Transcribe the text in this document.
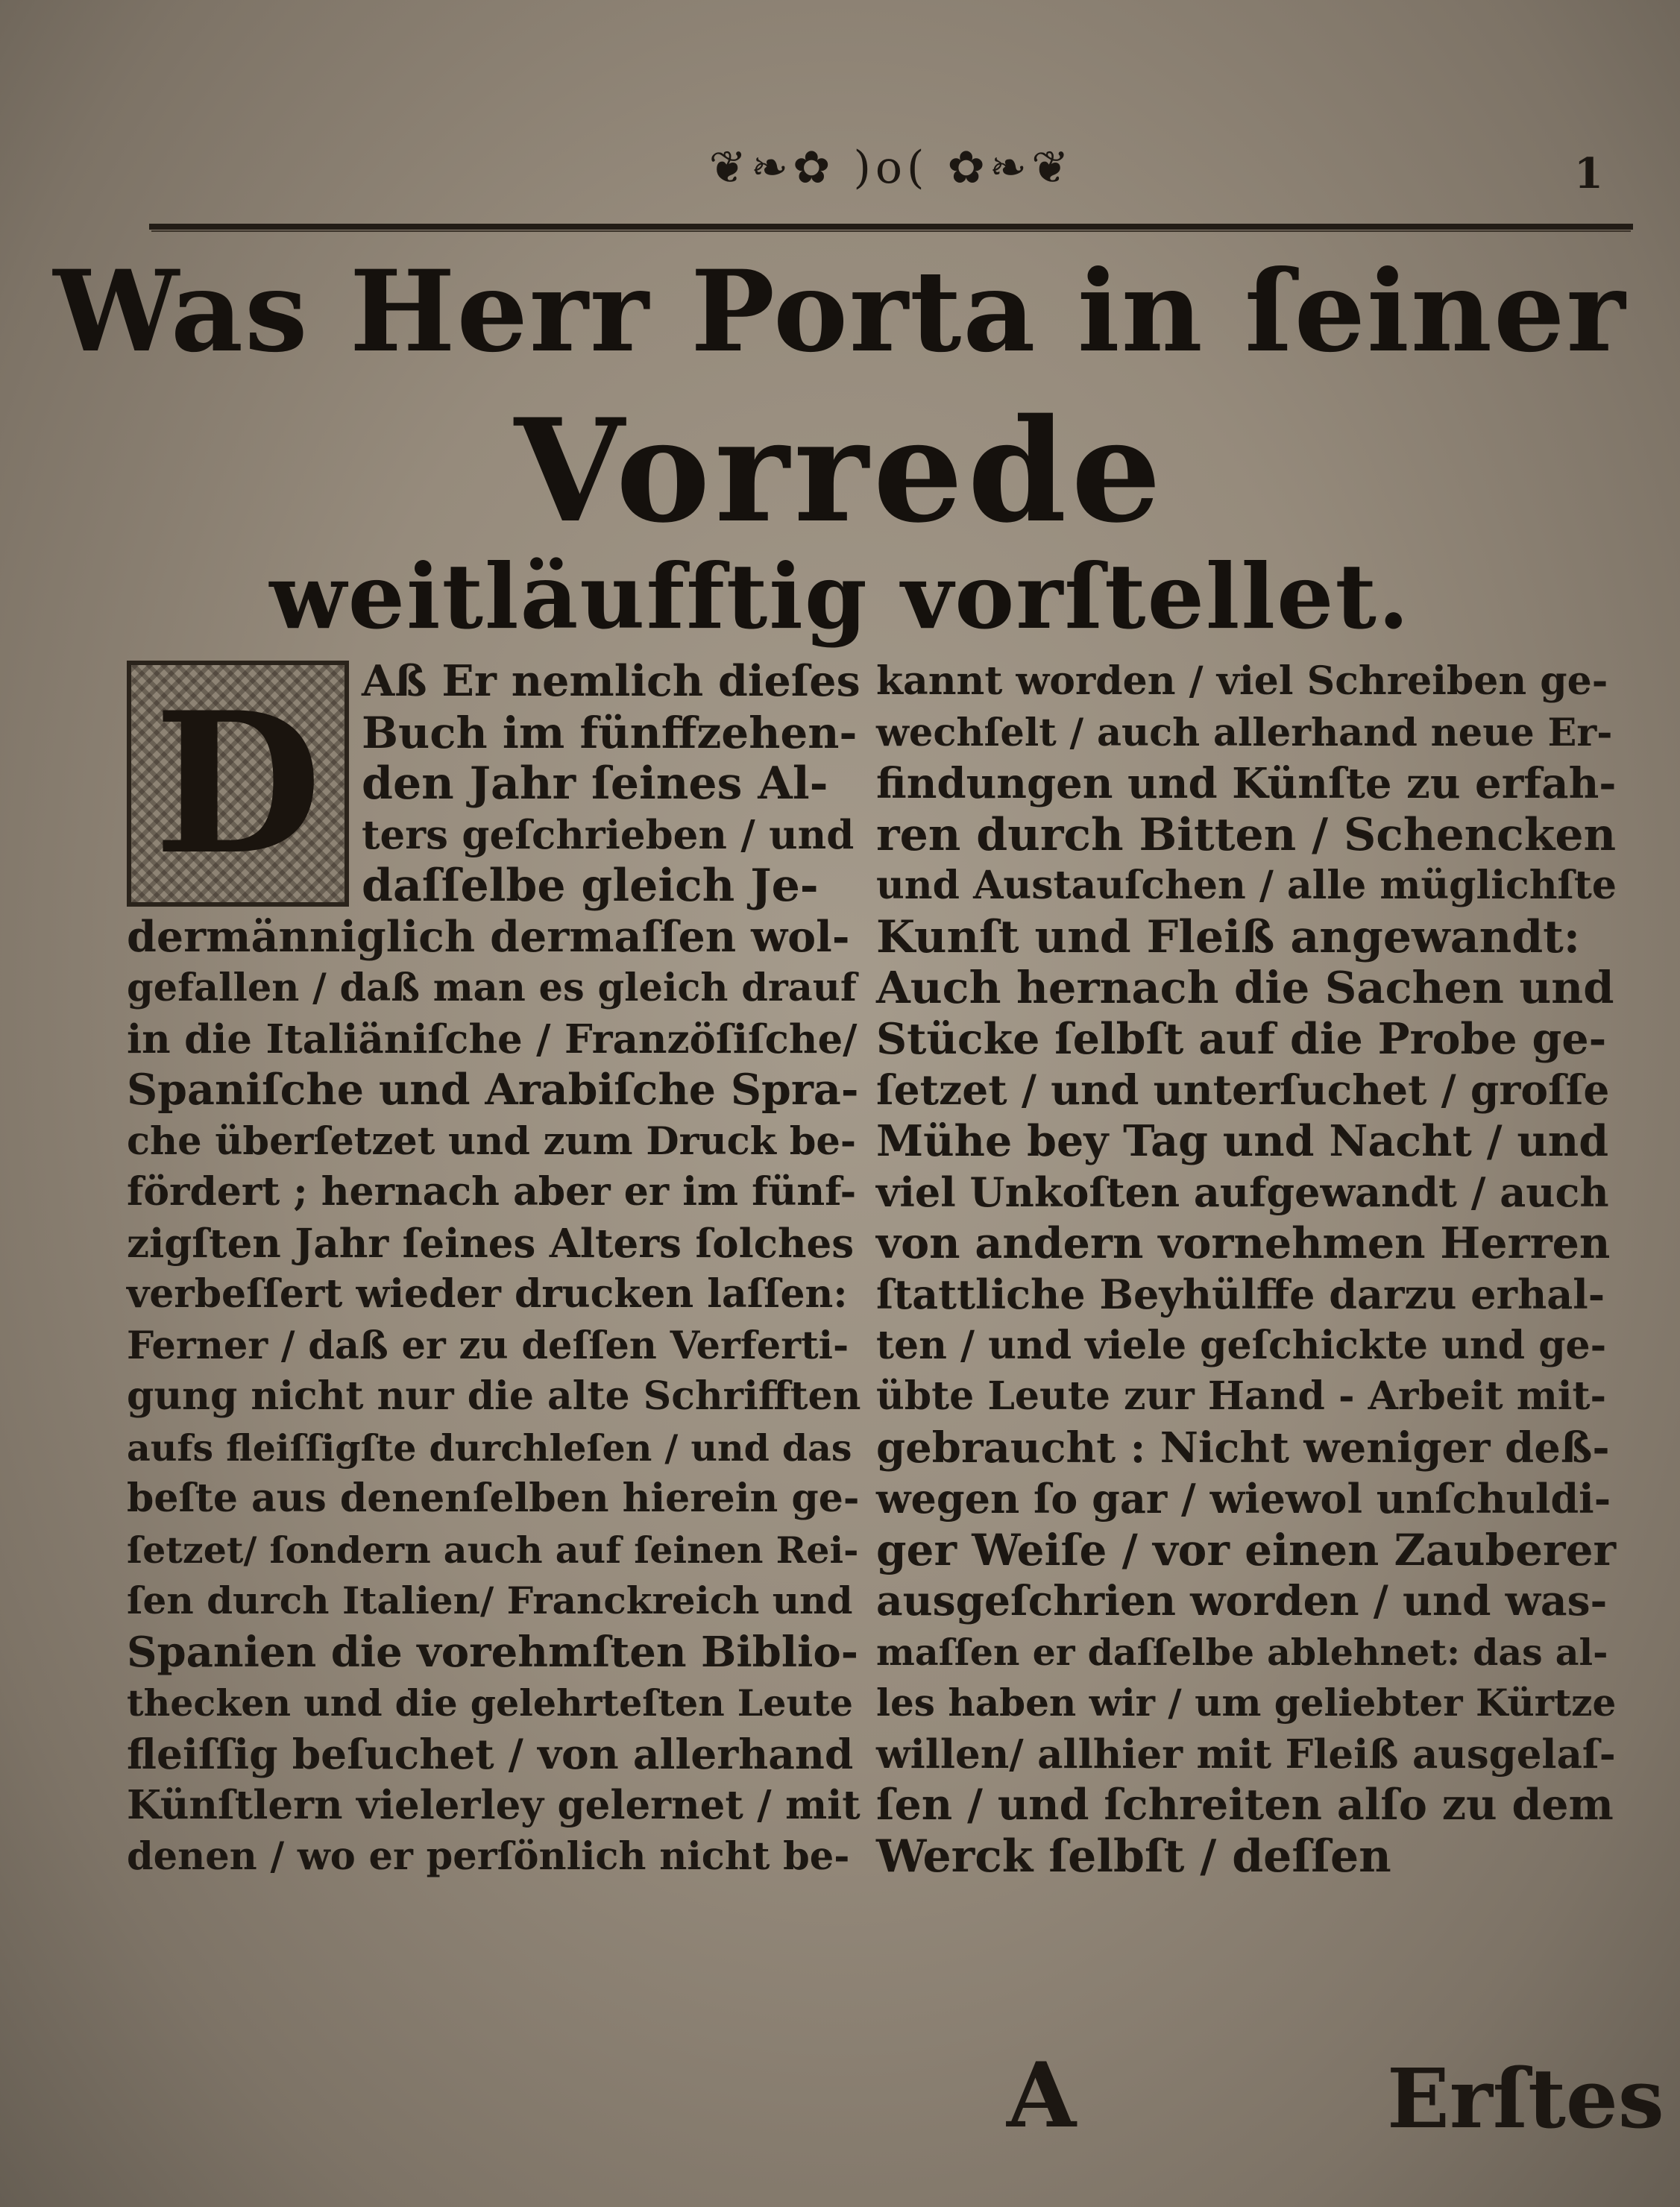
❦❧✿ )o( ✿❧❦	1
Was Herr Porta in ſeiner
Vorrede
weitläufftig vorſtellet.
D Aß Er nemlich dieſes
Buch im fünffzehen-
den Jahr ſeines Al-
ters geſchrieben / und
daſſelbe gleich Je-
dermänniglich dermaſſen wol-
gefallen / daß man es gleich drauf
in die Italiäniſche / Franzöſiſche/
Spaniſche und Arabiſche Spra-
che überſetzet und zum Druck be-
fördert ; hernach aber er im fünf-
zigſten Jahr ſeines Alters ſolches
verbeſſert wieder drucken laſſen:
Ferner / daß er zu deſſen Verferti-
gung nicht nur die alte Schrifften
aufs fleiſſigſte durchleſen / und das
beſte aus denenſelben hierein ge-
ſetzet/ ſondern auch auf ſeinen Rei-
ſen durch Italien/ Franckreich und
Spanien die vorehmſten Biblio-
thecken und die gelehrteſten Leute
fleiſſig beſuchet / von allerhand
Künſtlern vielerley gelernet / mit
denen / wo er perſönlich nicht be-
kannt worden / viel Schreiben ge-
wechſelt / auch allerhand neue Er-
findungen und Künſte zu erfah-
ren durch Bitten / Schencken
und Austauſchen / alle müglichſte
Kunſt und Fleiß angewandt:
Auch hernach die Sachen und
Stücke ſelbſt auf die Probe ge-
ſetzet / und unterſuchet / groſſe
Mühe bey Tag und Nacht / und
viel Unkoſten aufgewandt / auch
von andern vornehmen Herren
ſtattliche Beyhülffe darzu erhal-
ten / und viele geſchickte und ge-
übte Leute zur Hand - Arbeit mit-
gebraucht : Nicht weniger deß-
wegen ſo gar / wiewol unſchuldi-
ger Weiſe / vor einen Zauberer
ausgeſchrien worden / und was-
maſſen er daſſelbe ablehnet: das al-
les haben wir / um geliebter Kürtze
willen/ allhier mit Fleiß ausgelaſ-
ſen / und ſchreiten alſo zu dem
Werck ſelbſt / deſſen
A	Erſtes
